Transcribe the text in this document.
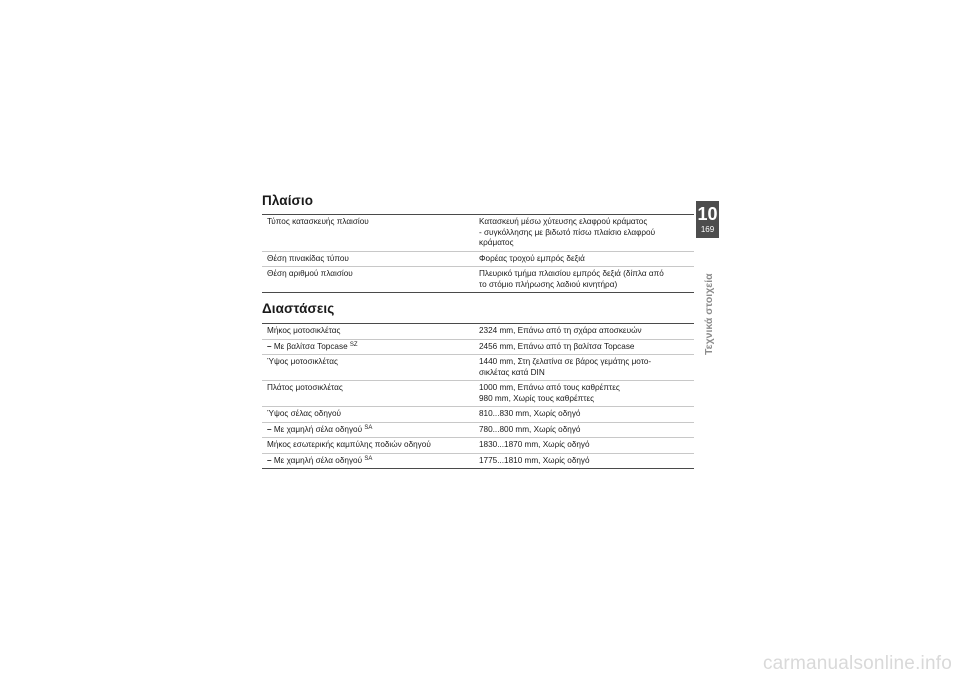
Πλαίσιο
Τύπος κατασκευής πλαισίου	Κατασκευή μέσω χύτευσης ελαφρού κράματος
- συγκόλλησης με βιδωτό πίσω πλαίσιο ελαφρού
κράματος
Θέση πινακίδας τύπου	Φορέας τροχού εμπρός δεξιά
Θέση αριθμού πλαισίου	Πλευρικό τμήμα πλαισίου εμπρός δεξιά (δίπλα από
το στόμιο πλήρωσης λαδιού κινητήρα)
Διαστάσεις
Μήκος μοτοσικλέτας	2324 mm, Επάνω από τη σχάρα αποσκευών
– Με βαλίτσα Topcase $^{SZ}$	2456 mm, Επάνω από τη βαλίτσα Topcase
Ύψος μοτοσικλέτας	1440 mm, Στη ζελατίνα σε βάρος γεμάτης μοτο-
σικλέτας κατά DIN
Πλάτος μοτοσικλέτας	1000 mm, Επάνω από τους καθρέπτες
980 mm, Χωρίς τους καθρέπτες
Ύψος σέλας οδηγού	810...830 mm, Χωρίς οδηγό
– Με χαμηλή σέλα οδηγού $^{SA}$	780...800 mm, Χωρίς οδηγό
Μήκος εσωτερικής καμπύλης ποδιών οδηγού	1830...1870 mm, Χωρίς οδηγό
– Με χαμηλή σέλα οδηγού $^{SA}$	1775...1810 mm, Χωρίς οδηγό
10
169
Τεχνικά στοιχεία
carmanualsonline.info
